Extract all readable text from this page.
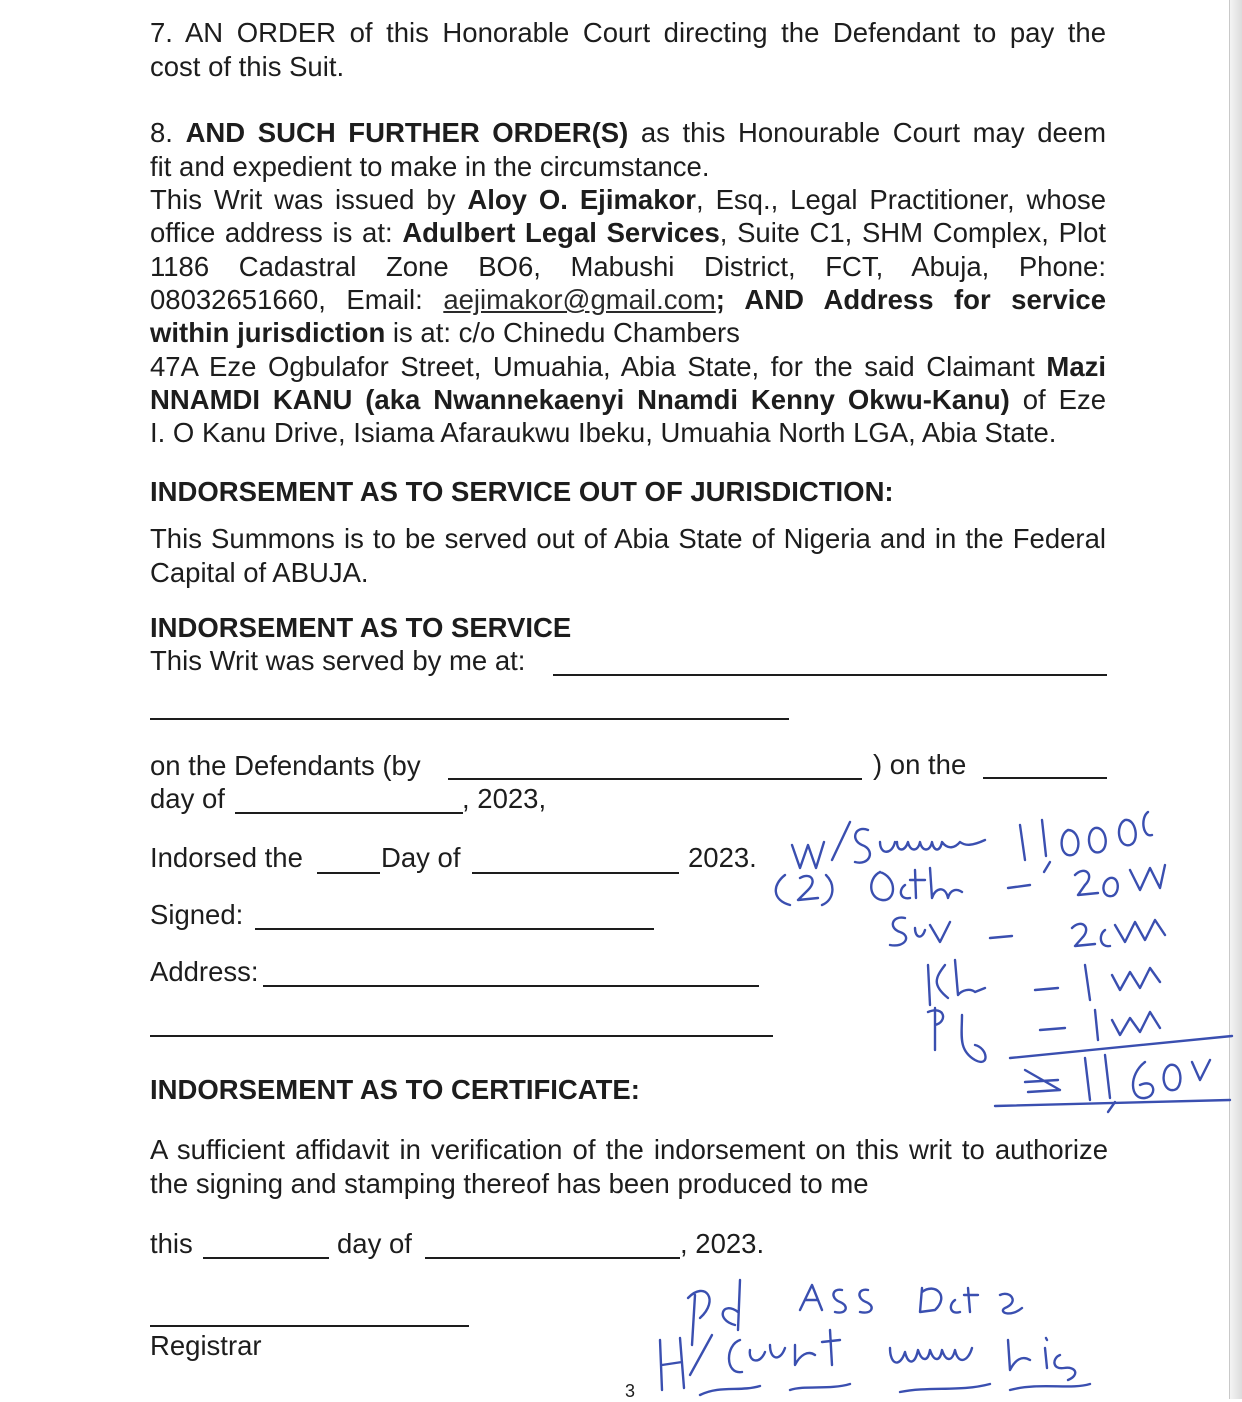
7. AN ORDER of this Honorable Court directing the Defendant to pay the
cost of this Suit.
8. AND SUCH FURTHER ORDER(S) as this Honourable Court may deem
fit and expedient to make in the circumstance.
This Writ was issued by Aloy O. Ejimakor, Esq., Legal Practitioner, whose
office address is at: Adulbert Legal Services, Suite C1, SHM Complex, Plot
1186 Cadastral Zone BO6, Mabushi District, FCT, Abuja, Phone:
08032651660, Email: aejimakor@gmail.com; AND Address for service
within jurisdiction is at: c/o Chinedu Chambers
47A Eze Ogbulafor Street, Umuahia, Abia State, for the said Claimant Mazi
NNAMDI KANU (aka Nwannekaenyi Nnamdi Kenny Okwu-Kanu) of Eze
I. O Kanu Drive, Isiama Afaraukwu Ibeku, Umuahia North LGA, Abia State.
INDORSEMENT AS TO SERVICE OUT OF JURISDICTION:
This Summons is to be served out of Abia State of Nigeria and in the Federal
Capital of ABUJA.
INDORSEMENT AS TO SERVICE
This Writ was served by me at:
on the Defendants (by	) on the
day of	, 2023,
Indorsed the	Day of	2023.
Signed:
Address:
INDORSEMENT AS TO CERTIFICATE:
A sufficient affidavit in verification of the indorsement on this writ to authorize
the signing and stamping thereof has been produced to me
this	day of	, 2023.
Registrar
3
